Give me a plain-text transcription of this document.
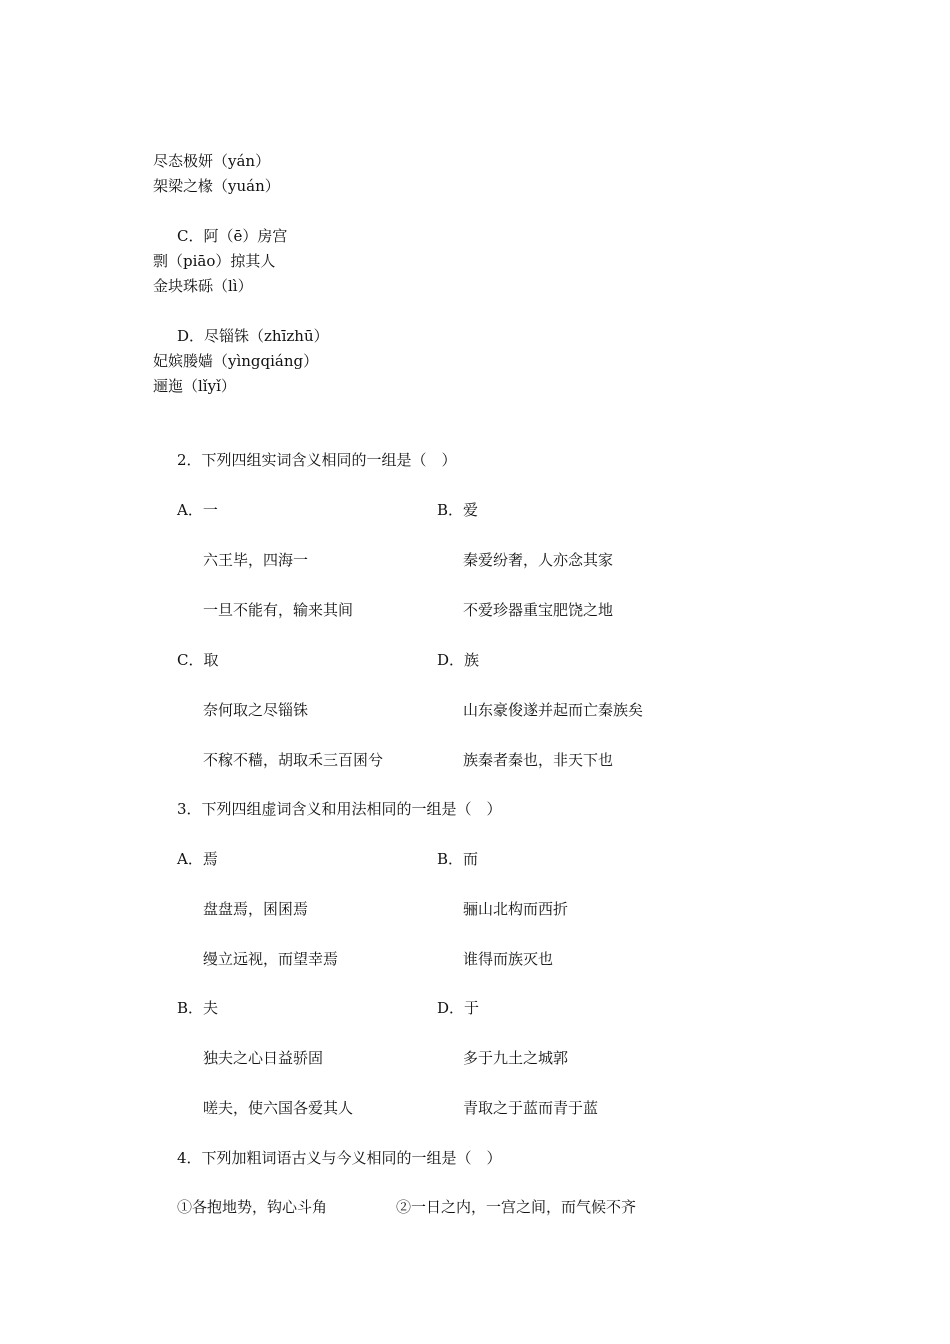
尽态极妍（yán）
架梁之椽（yuán）
C．阿（ē）房宫
剽（piāo）掠其人
金块珠砾（lì）
D．尽锱铢（zhīzhū）
妃嫔媵嫱（yìngqiáng）
逦迤（lǐyǐ）
2．下列四组实词含义相同的一组是（　）
A．一	B．爱
六王毕，四海一	秦爱纷奢，人亦念其家
一旦不能有，输来其间	不爱珍器重宝肥饶之地
C．取	D．族
奈何取之尽锱铢	山东豪俊遂并起而亡秦族矣
不稼不穑，胡取禾三百囷兮	族秦者秦也，非天下也
3．下列四组虚词含义和用法相同的一组是（　）
A．焉	B．而
盘盘焉，囷囷焉	骊山北构而西折
缦立远视，而望幸焉	谁得而族灭也
B．夫	D．于
独夫之心日益骄固	多于九土之城郭
嗟夫，使六国各爱其人	青取之于蓝而青于蓝
4．下列加粗词语古义与今义相同的一组是（　）
①各抱地势，钩心斗角	②一日之内，一宫之间，而气候不齐
